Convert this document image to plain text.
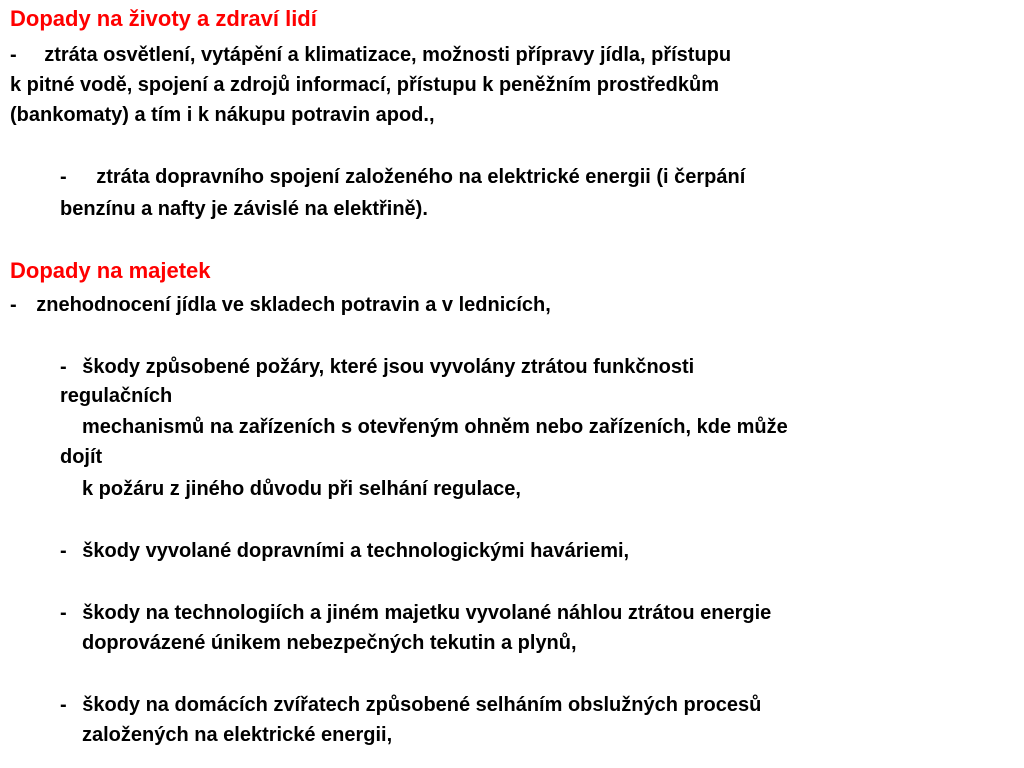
Dopady na životy a zdraví lidí
- ztráta osvětlení, vytápění a klimatizace, možnosti přípravy jídla, přístupu
k pitné vodě, spojení a zdrojů informací, přístupu k peněžním prostředkům
(bankomaty) a tím i k nákupu potravin apod.,
- ztráta dopravního spojení založeného na elektrické energii (i čerpání
benzínu a nafty je závislé na elektřině).
Dopady na majetek
- znehodnocení jídla ve skladech potravin a v lednicích,
- škody způsobené požáry, které jsou vyvolány ztrátou funkčnosti
regulačních
mechanismů na zařízeních s otevřeným ohněm nebo zařízeních, kde může
dojít
k požáru z jiného důvodu při selhání regulace,
- škody vyvolané dopravními a technologickými haváriemi,
- škody na technologiích a jiném majetku vyvolané náhlou ztrátou energie
doprovázené únikem nebezpečných tekutin a plynů,
- škody na domácích zvířatech způsobené selháním obslužných procesů
založených na elektrické energii,
